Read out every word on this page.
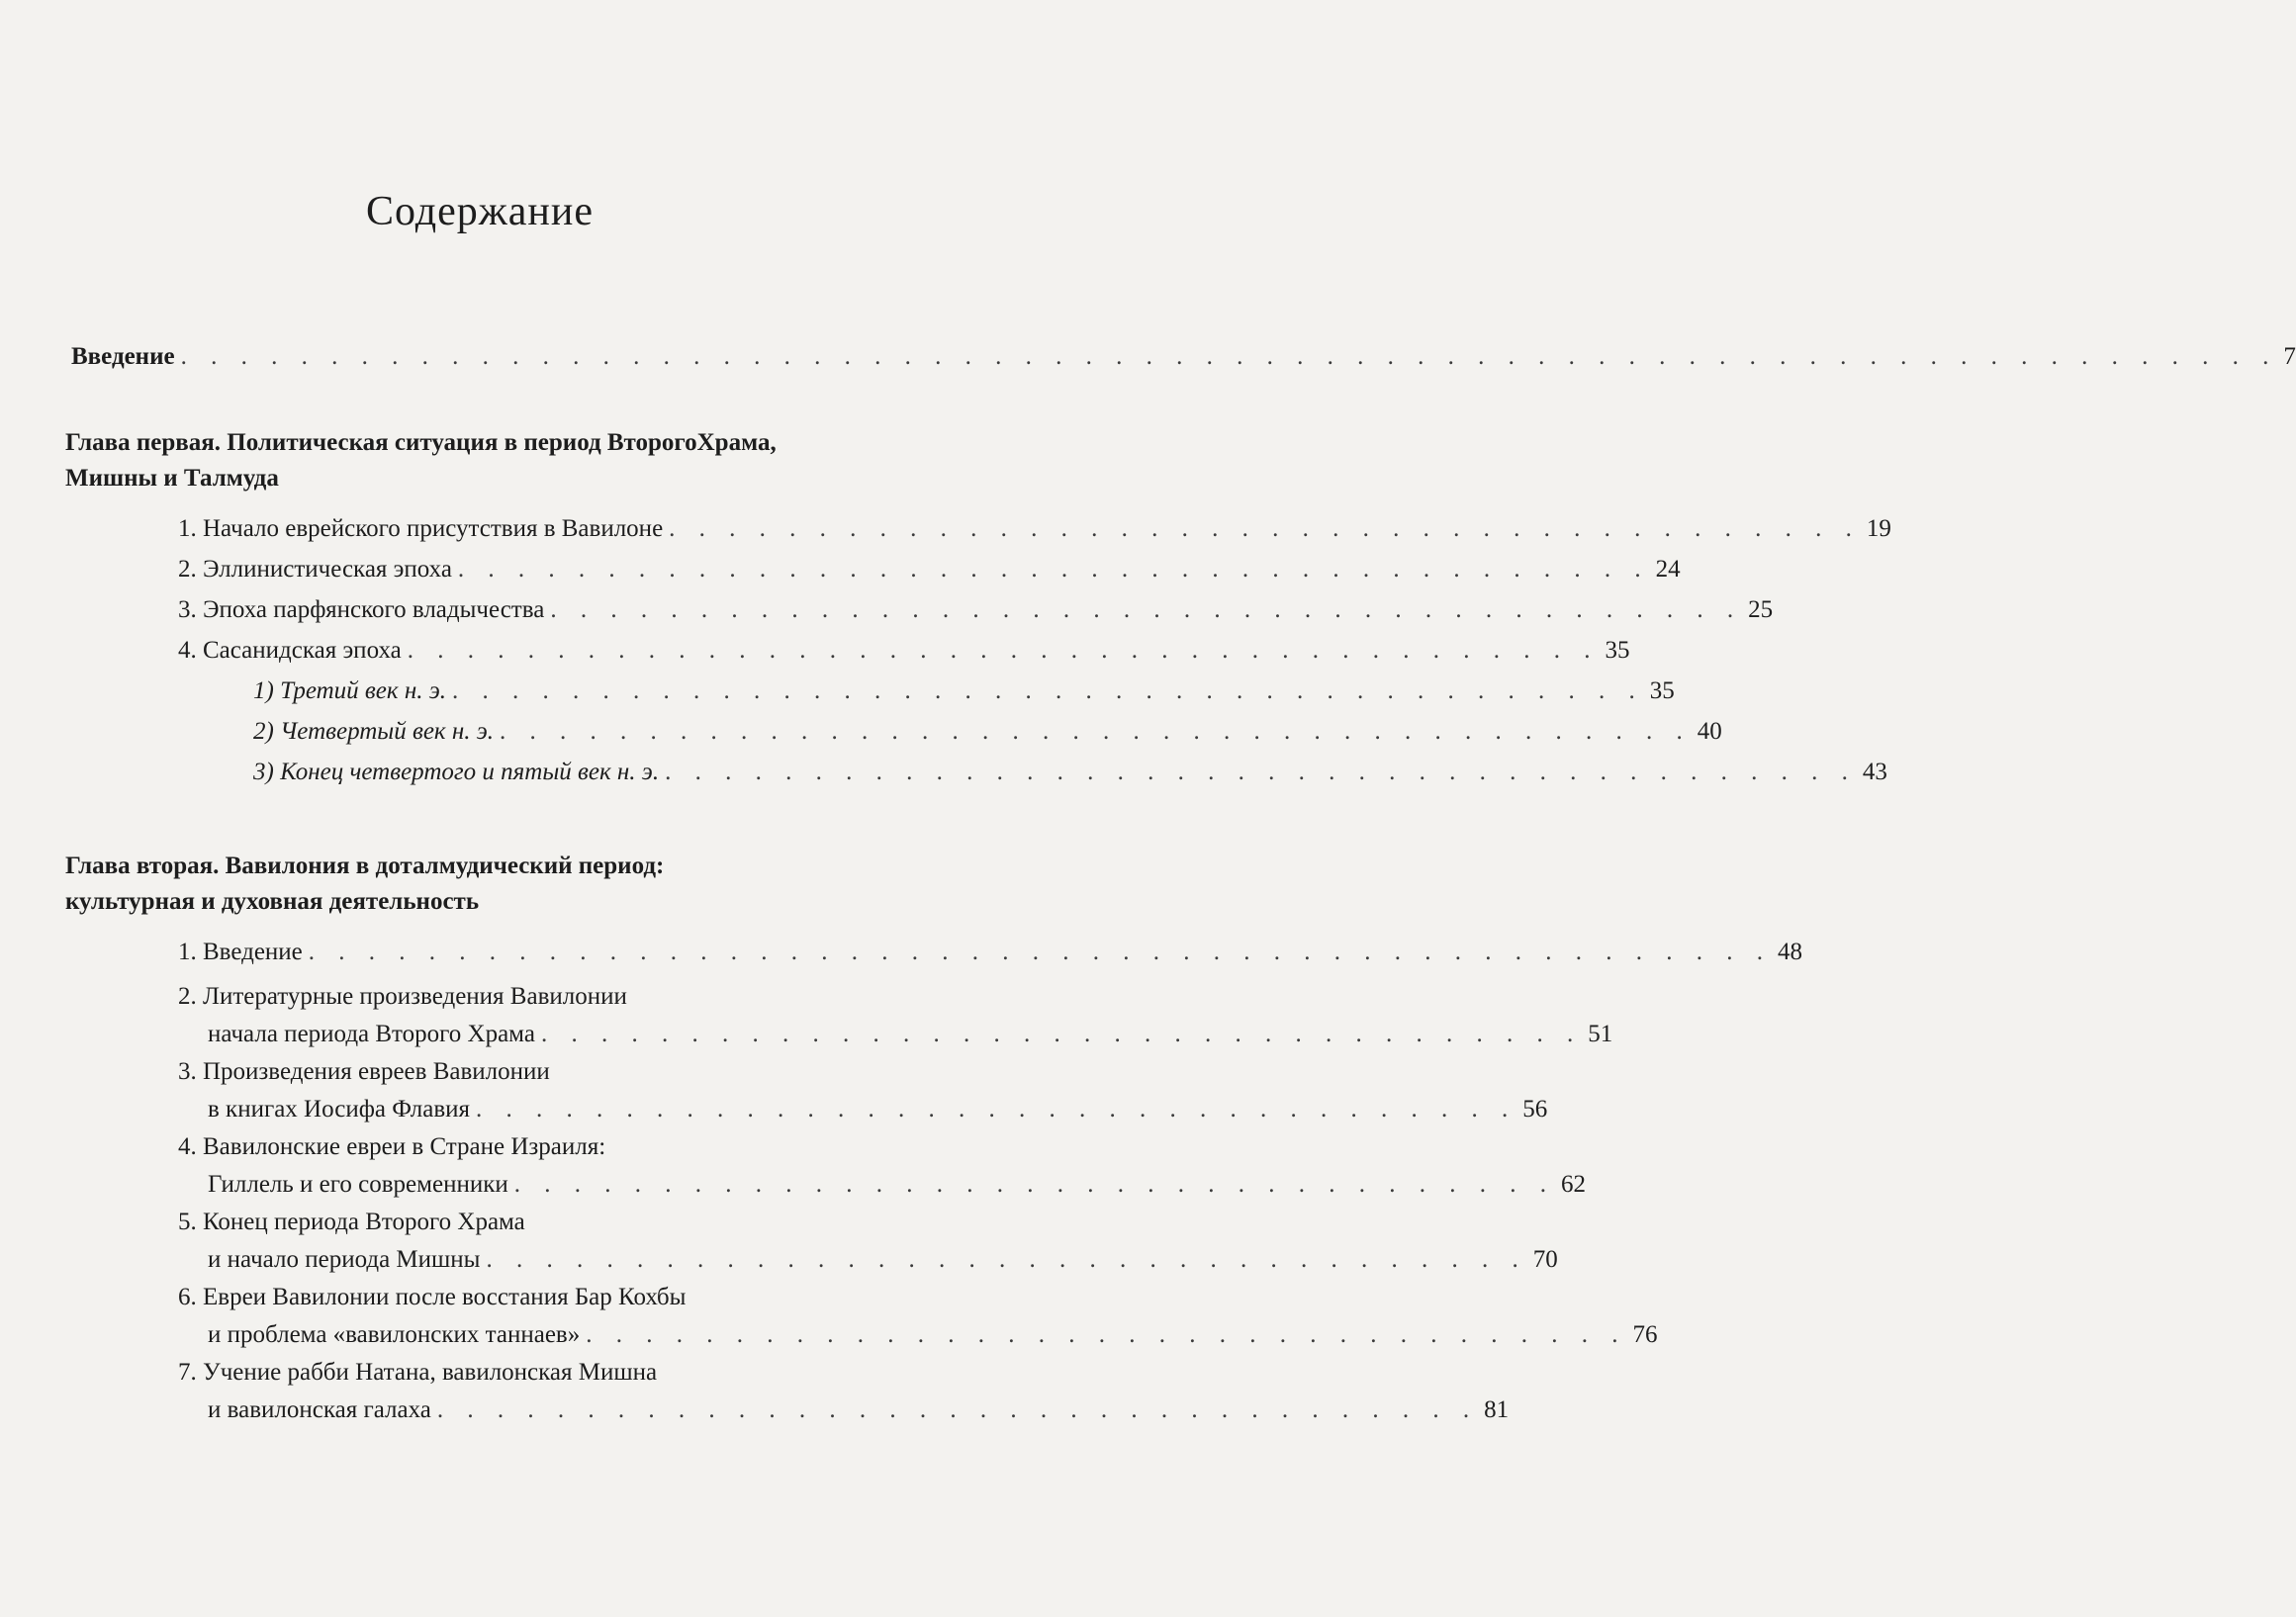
Содержание
Введение . . . . . . . . . . . . . . . . . . . . . . . . . . . . . . . . . . . . . . . . . . . . . . . . . . . . . . . . . . . . . . . . . . . . . . 7
Глава первая. Политическая ситуация в период ВторогоХрама,
Мишны и Талмуда
1. Начало еврейского присутствия в Вавилоне . . . . . . . . . . . . . . . . . . . . . . . . . . . . . . . . . . . . . . . . 19
2. Эллинистическая эпоха . . . . . . . . . . . . . . . . . . . . . . . . . . . . . . . . . . . . . . . . 24
3. Эпоха парфянского владычества . . . . . . . . . . . . . . . . . . . . . . . . . . . . . . . . . . . . . . . . 25
4. Сасанидская эпоха . . . . . . . . . . . . . . . . . . . . . . . . . . . . . . . . . . . . . . . . 35
1) Третий век н. э. . . . . . . . . . . . . . . . . . . . . . . . . . . . . . . . . . . . . . . . . 35
2) Четвертый век н. э. . . . . . . . . . . . . . . . . . . . . . . . . . . . . . . . . . . . . . . . . 40
3) Конец четвертого и пятый век н. э. . . . . . . . . . . . . . . . . . . . . . . . . . . . . . . . . . . . . . . . . 43
Глава вторая. Вавилония в доталмудический период:
культурная и духовная деятельность
1. Введение . . . . . . . . . . . . . . . . . . . . . . . . . . . . . . . . . . . . . . . . . . . . . . . . . 48
2. Литературные произведения Вавилонии
начала периода Второго Храма . . . . . . . . . . . . . . . . . . . . . . . . . . . . . . . . . . . 51
3. Произведения евреев Вавилонии
в книгах Иосифа Флавия . . . . . . . . . . . . . . . . . . . . . . . . . . . . . . . . . . . 56
4. Вавилонские евреи в Стране Израиля:
Гиллель и его современники . . . . . . . . . . . . . . . . . . . . . . . . . . . . . . . . . . . 62
5. Конец периода Второго Храма
и начало периода Мишны . . . . . . . . . . . . . . . . . . . . . . . . . . . . . . . . . . . 70
6. Евреи Вавилонии после восстания Бар Кохбы
и проблема «вавилонских таннаев» . . . . . . . . . . . . . . . . . . . . . . . . . . . . . . . . . . . 76
7. Учение рабби Натана, вавилонская Мишна
и вавилонская галаха . . . . . . . . . . . . . . . . . . . . . . . . . . . . . . . . . . . 81
